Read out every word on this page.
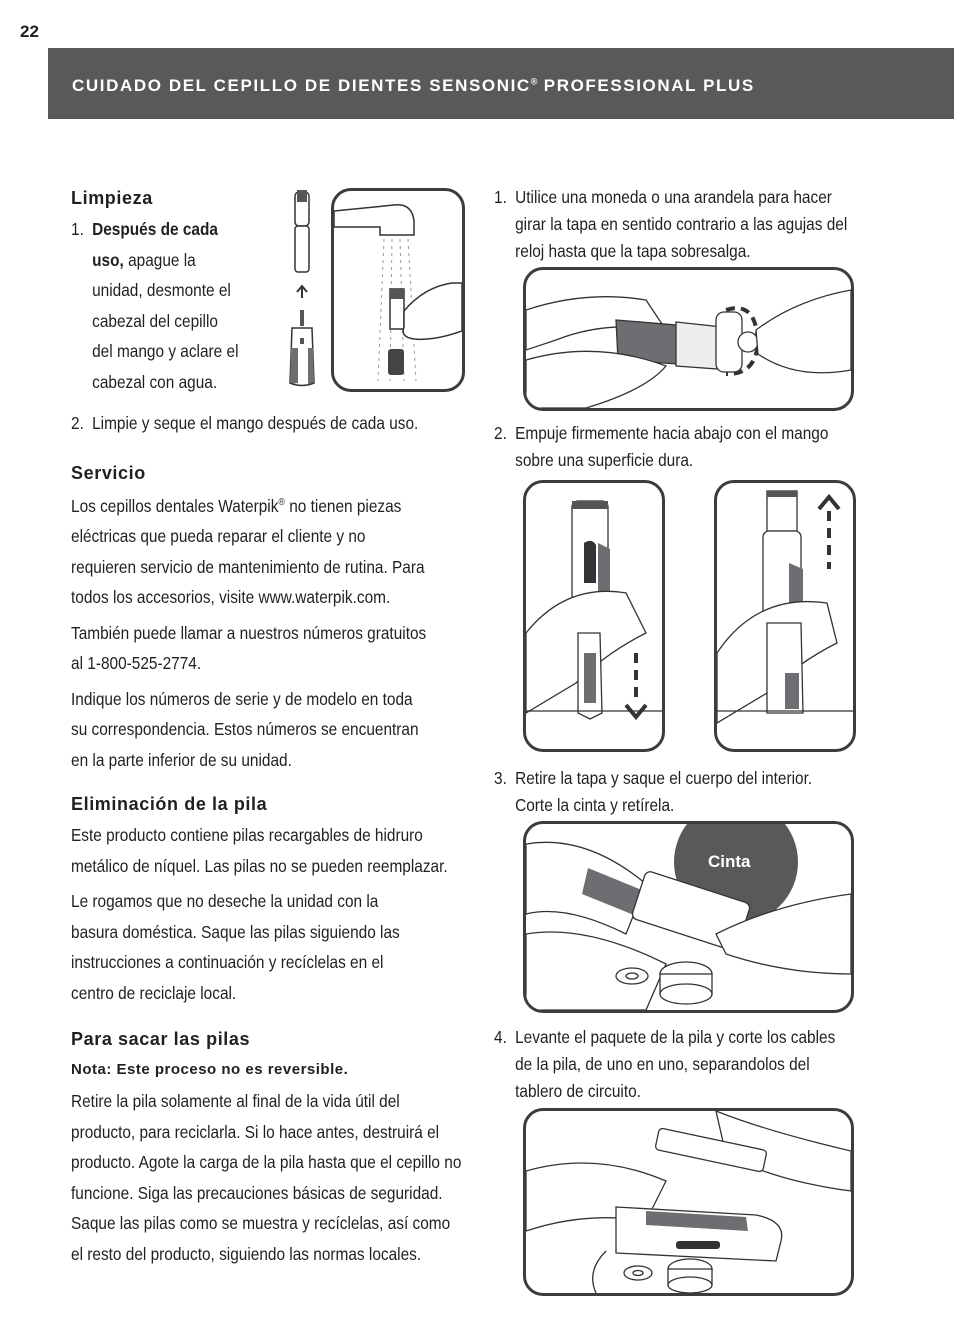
22
CUIDADO DEL CEPILLO DE DIENTES SENSONIC® PROFESSIONAL PLUS
Limpieza
1. Después de cada
uso, apague la
unidad, desmonte el
cabezal del cepillo
del mango y aclare el
cabezal con agua.
2. Limpie y seque el mango después de cada uso.
Servicio
Los cepillos dentales Waterpik® no tienen piezas
eléctricas que pueda reparar el cliente y no
requieren servicio de mantenimiento de rutina. Para
todos los accesorios, visite www.waterpik.com.
También puede llamar a nuestros números gratuitos
al 1-800-525-2774.
Indique los números de serie y de modelo en toda
su correspondencia. Estos números se encuentran
en la parte inferior de su unidad.
Eliminación de la pila
Este producto contiene pilas recargables de hidruro
metálico de níquel. Las pilas no se pueden reemplazar.
Le rogamos que no deseche la unidad con la
basura doméstica. Saque las pilas siguiendo las
instrucciones a continuación y recíclelas en el
centro de reciclaje local.
Para sacar las pilas
Nota: Este proceso no es reversible.
Retire la pila solamente al final de la vida útil del
producto, para reciclarla. Si lo hace antes, destruirá el
producto. Agote la carga de la pila hasta que el cepillo no
funcione. Siga las precauciones básicas de seguridad.
Saque las pilas como se muestra y recíclelas, así como
el resto del producto, siguiendo las normas locales.
1. Utilice una moneda o una arandela para hacer
girar la tapa en sentido contrario a las agujas del
reloj hasta que la tapa sobresalga.
2. Empuje firmemente hacia abajo con el mango
sobre una superficie dura.
3. Retire la tapa y saque el cuerpo del interior.
Corte la cinta y retírela.
Cinta
4. Levante el paquete de la pila y corte los cables
de la pila, de uno en uno, separandolos del
tablero de circuito.
